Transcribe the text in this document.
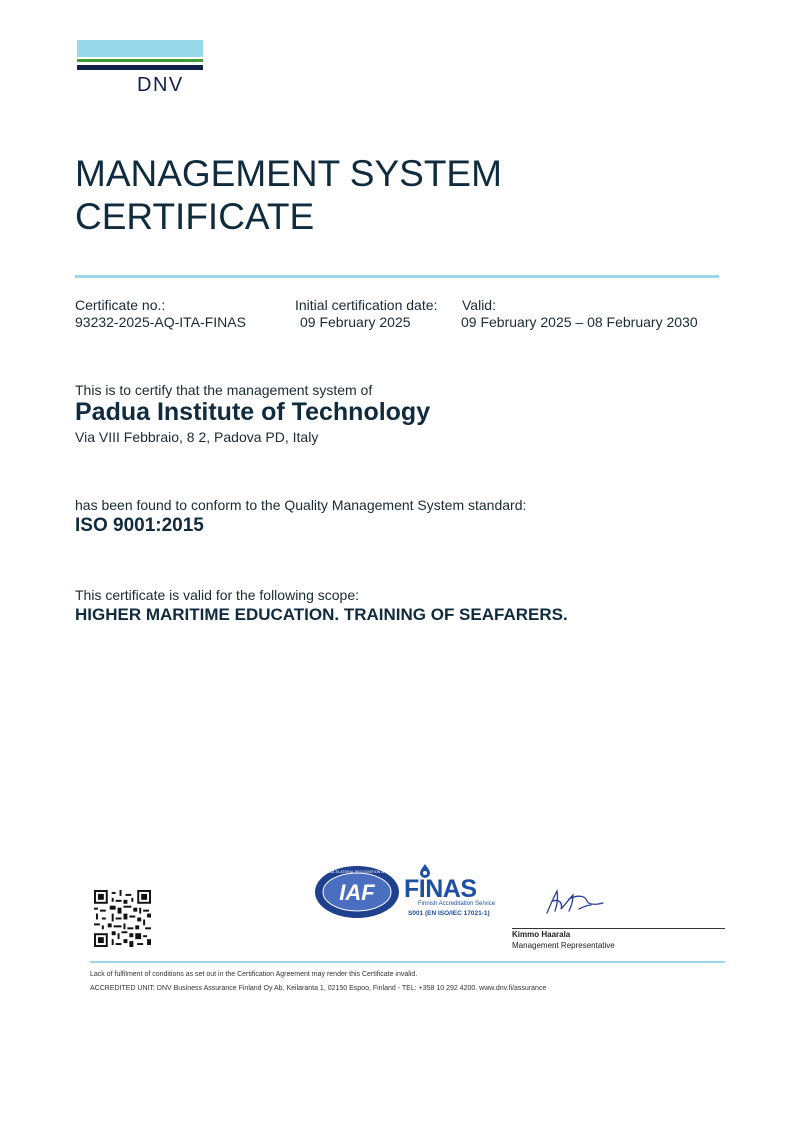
DNV
MANAGEMENT SYSTEM
CERTIFICATE
Certificate no.:
93232-2025-AQ-ITA-FINAS
Initial certification date:
09 February 2025
Valid:
09 February 2025 – 08 February 2030
This is to certify that the management system of
Padua Institute of Technology
Via VIII Febbraio, 8 2, Padova PD, Italy
has been found to conform to the Quality Management System standard:
ISO 9001:2015
This certificate is valid for the following scope:
HIGHER MARITIME EDUCATION. TRAINING OF SEAFARERS.
IAF
MEMBER OF MULTILATERAL RECOGNITION ARRANGEMENT
FINAS
Finnish Accreditation Service
S001 (EN ISO/IEC 17021-1)
Kimmo Haarala
Management Representative
Lack of fulfilment of conditions as set out in the Certification Agreement may render this Certificate invalid.
ACCREDITED UNIT: DNV Business Assurance Finland Oy Ab, Keilaranta 1, 02150 Espoo, Finland - TEL: +358 10 292 4200. www.dnv.fi/assurance
